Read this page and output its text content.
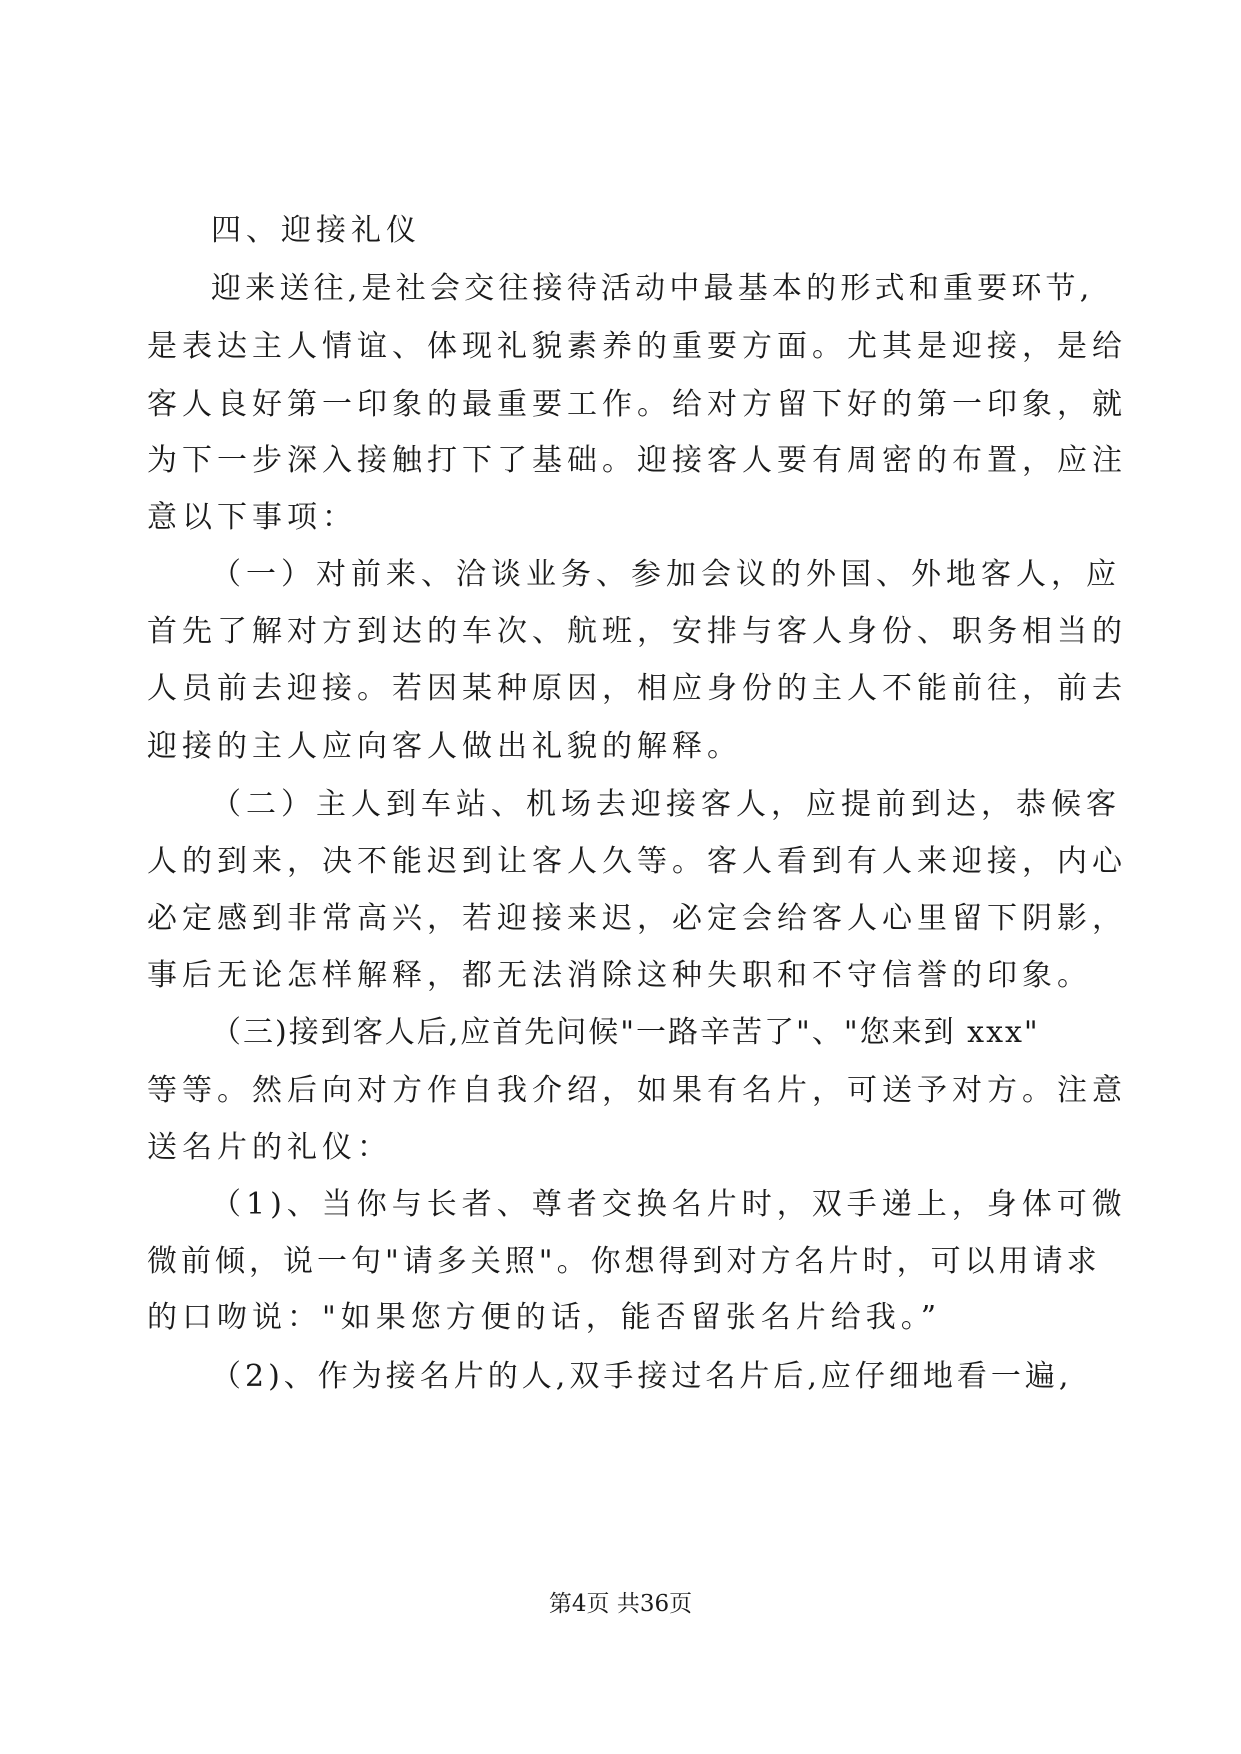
四、迎接礼仪
迎来送往,是社会交往接待活动中最基本的形式和重要环节,
是表达主人情谊、体现礼貌素养的重要方面。尤其是迎接，是给
客人良好第一印象的最重要工作。给对方留下好的第一印象，就
为下一步深入接触打下了基础。迎接客人要有周密的布置，应注
意以下事项：
（一）对前来、洽谈业务、参加会议的外国、外地客人，应
首先了解对方到达的车次、航班，安排与客人身份、职务相当的
人员前去迎接。若因某种原因，相应身份的主人不能前往，前去
迎接的主人应向客人做出礼貌的解释。
（二）主人到车站、机场去迎接客人，应提前到达，恭候客
人的到来，决不能迟到让客人久等。客人看到有人来迎接，内心
必定感到非常高兴，若迎接来迟，必定会给客人心里留下阴影，
事后无论怎样解释，都无法消除这种失职和不守信誉的印象。
（三)接到客人后,应首先问候"一路辛苦了"、"您来到 xxx"
等等。然后向对方作自我介绍，如果有名片，可送予对方。注意
送名片的礼仪：
（1)、当你与长者、尊者交换名片时，双手递上，身体可微
微前倾，说一句"请多关照"。你想得到对方名片时，可以用请求
的口吻说："如果您方便的话，能否留张名片给我。”
（2)、作为接名片的人,双手接过名片后,应仔细地看一遍,
第4页 共36页
